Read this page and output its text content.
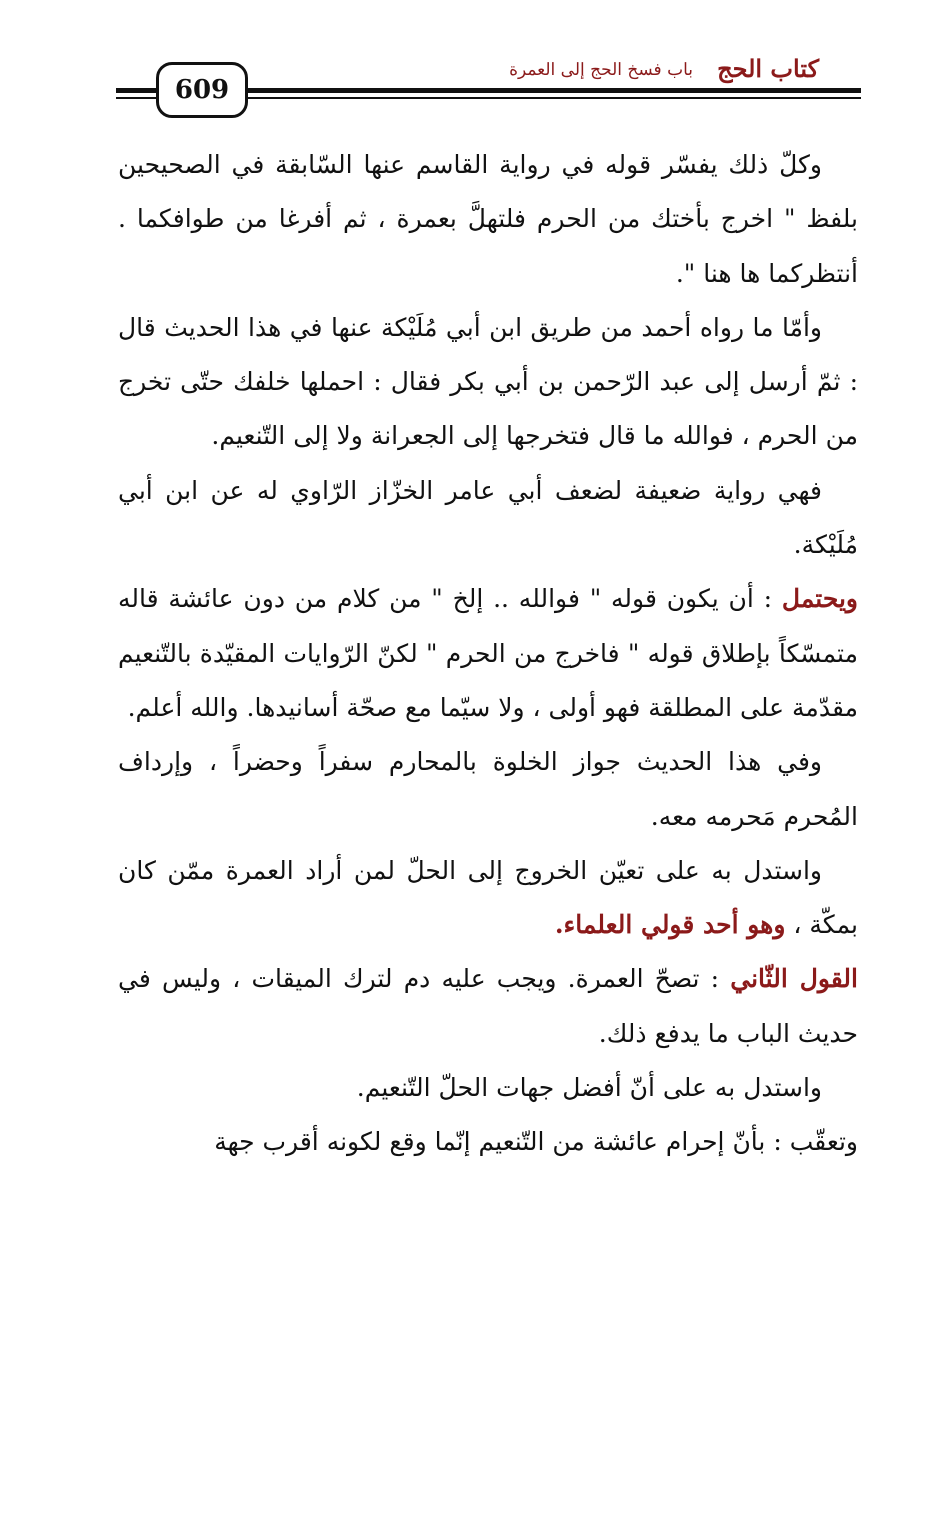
كتاب الحج
باب فسخ الحج إلى العمرة
609

وكلّ ذلك يفسّر قوله في رواية القاسم عنها السّابقة في الصحيحين بلفظ " اخرج بأختك من الحرم فلتهلَّ بعمرة ، ثم أفرغا من طوافكما . أنتظركما ها هنا ".

وأمّا ما رواه أحمد من طريق ابن أبي مُلَيْكة عنها في هذا الحديث قال : ثمّ أرسل إلى عبد الرّحمن بن أبي بكر فقال : احملها خلفك حتّى تخرج من الحرم ، فوالله ما قال فتخرجها إلى الجعرانة ولا إلى التّنعيم.

فهي رواية ضعيفة لضعف أبي عامر الخزّاز الرّاوي له عن ابن أبي مُلَيْكة.

ويحتمل : أن يكون قوله " فوالله .. إلخ " من كلام من دون عائشة قاله متمسّكاً بإطلاق قوله " فاخرج من الحرم " لكنّ الرّوايات المقيّدة بالتّنعيم مقدّمة على المطلقة فهو أولى ، ولا سيّما مع صحّة أسانيدها. والله أعلم.

وفي هذا الحديث جواز الخلوة بالمحارم سفراً وحضراً ، وإرداف المُحرم مَحرمه معه.

واستدل به على تعيّن الخروج إلى الحلّ لمن أراد العمرة ممّن كان بمكّة ، وهو أحد قولي العلماء.

القول الثّاني : تصحّ العمرة. ويجب عليه دم لترك الميقات ، وليس في حديث الباب ما يدفع ذلك.

واستدل به على أنّ أفضل جهات الحلّ التّنعيم.

وتعقّب : بأنّ إحرام عائشة من التّنعيم إنّما وقع لكونه أقرب جهة
